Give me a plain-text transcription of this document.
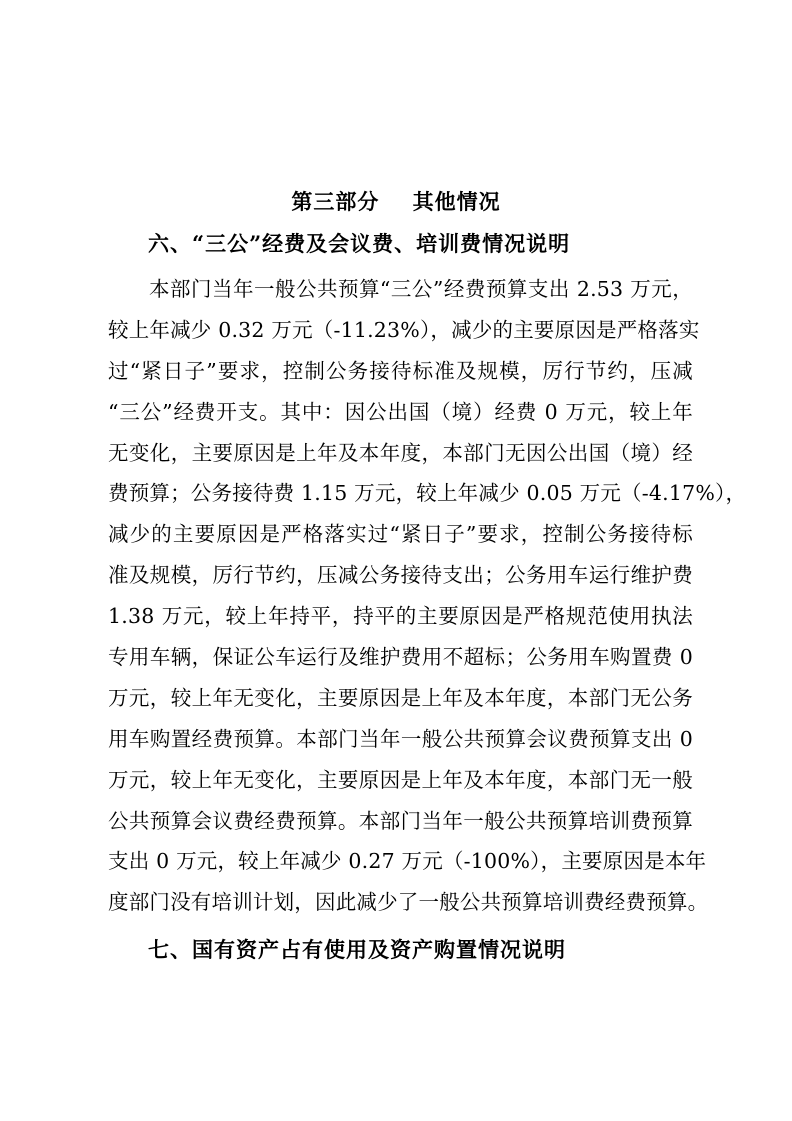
第三部分    其他情况
六、“三公”经费及会议费、培训费情况说明
本部门当年一般公共预算“三公”经费预算支出 2.53 万元，
较上年减少 0.32 万元（-11.23%），减少的主要原因是严格落实
过“紧日子”要求，控制公务接待标准及规模，厉行节约，压减
“三公”经费开支。其中：因公出国（境）经费 0 万元，较上年
无变化，主要原因是上年及本年度，本部门无因公出国（境）经
费预算；公务接待费 1.15 万元，较上年减少 0.05 万元（-4.17%），
减少的主要原因是严格落实过“紧日子”要求，控制公务接待标
准及规模，厉行节约，压减公务接待支出；公务用车运行维护费
1.38 万元，较上年持平，持平的主要原因是严格规范使用执法
专用车辆，保证公车运行及维护费用不超标；公务用车购置费 0
万元，较上年无变化，主要原因是上年及本年度，本部门无公务
用车购置经费预算。本部门当年一般公共预算会议费预算支出 0
万元，较上年无变化，主要原因是上年及本年度，本部门无一般
公共预算会议费经费预算。本部门当年一般公共预算培训费预算
支出 0 万元，较上年减少 0.27 万元（-100%），主要原因是本年
度部门没有培训计划，因此减少了一般公共预算培训费经费预算。
七、国有资产占有使用及资产购置情况说明
